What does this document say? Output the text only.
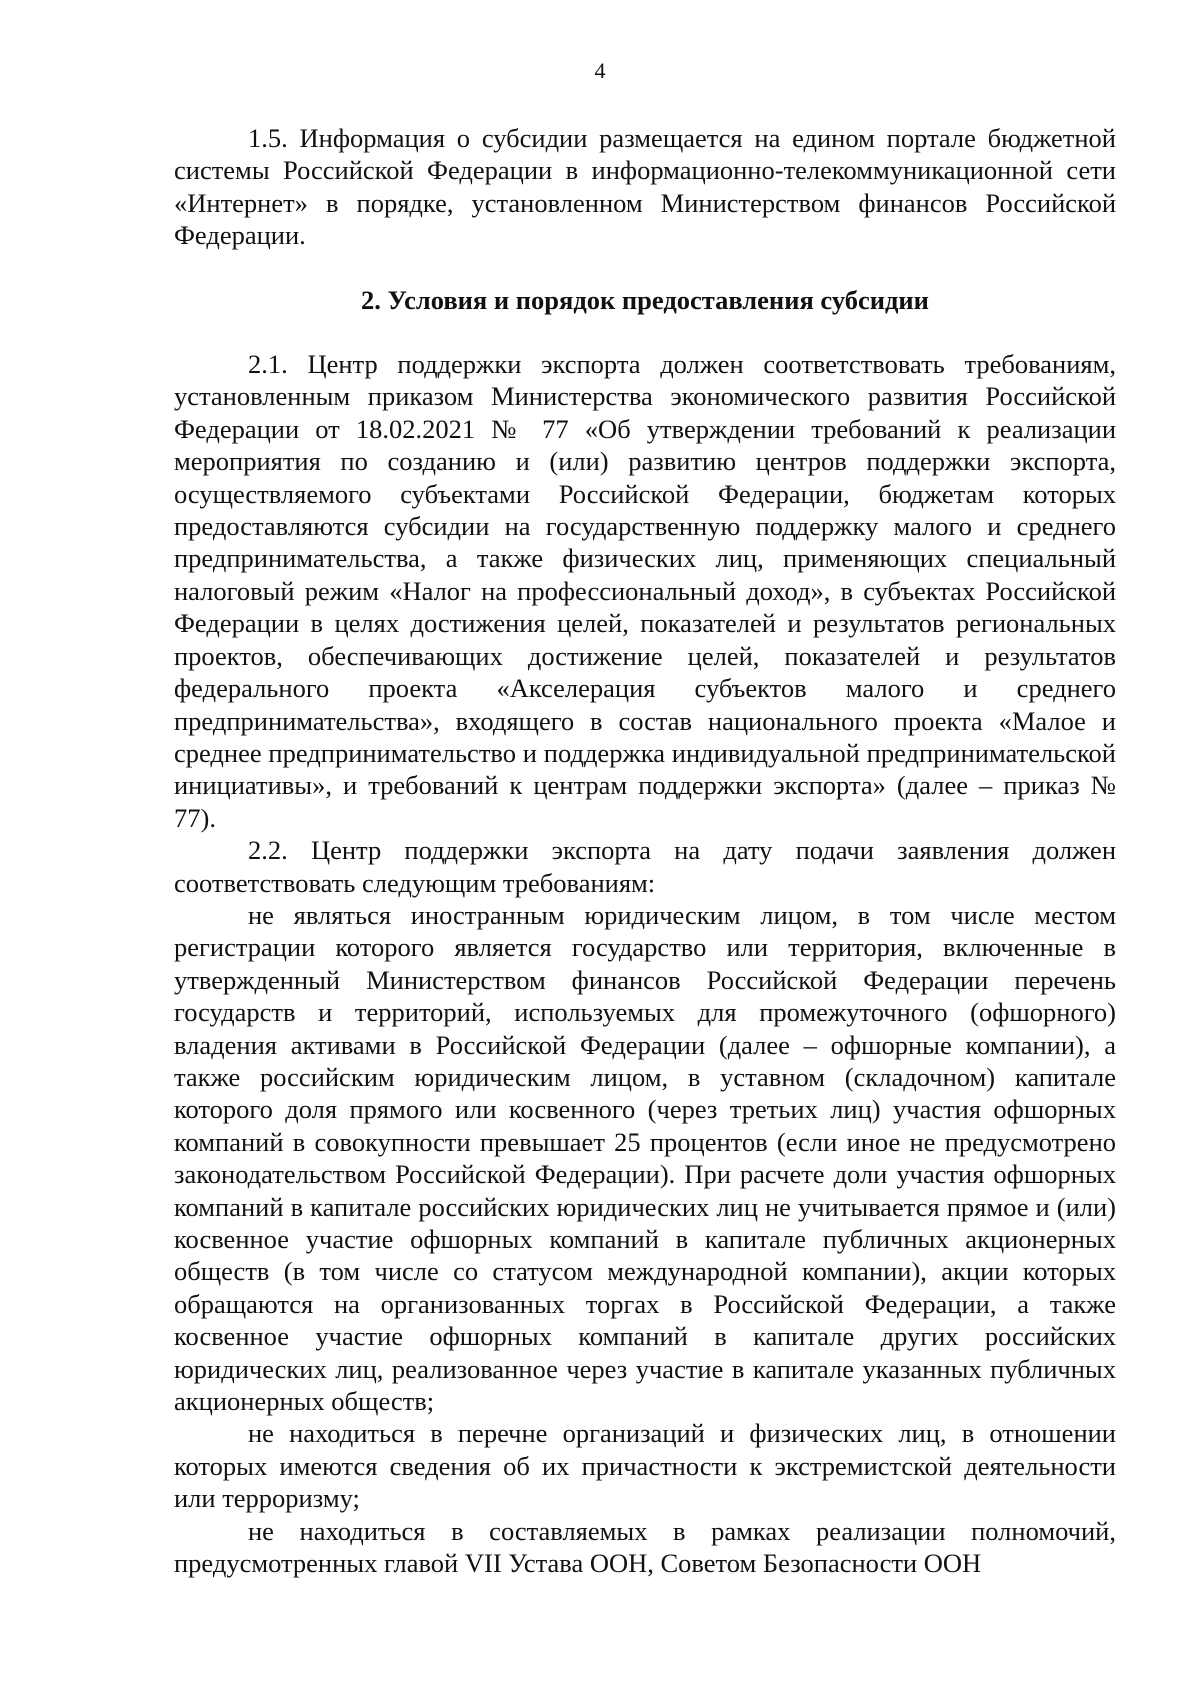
4

1.5. Информация о субсидии размещается на едином портале бюджетной системы Российской Федерации в информационно-телекоммуникационной сети «Интернет» в порядке, установленном Министерством финансов Российской Федерации.

2. Условия и порядок предоставления субсидии

2.1. Центр поддержки экспорта должен соответствовать требованиям, установленным приказом Министерства экономического развития Российской Федерации от 18.02.2021 № 77 «Об утверждении требований к реализации мероприятия по созданию и (или) развитию центров поддержки экспорта, осуществляемого субъектами Российской Федерации, бюджетам которых предоставляются субсидии на государственную поддержку малого и среднего предпринимательства, а также физических лиц, применяющих специальный налоговый режим «Налог на профессиональный доход», в субъектах Российской Федерации в целях достижения целей, показателей и результатов региональных проектов, обеспечивающих достижение целей, показателей и результатов федерального проекта «Акселерация субъектов малого и среднего предпринимательства», входящего в состав национального проекта «Малое и среднее предпринимательство и поддержка индивидуальной предпринимательской инициативы», и требований к центрам поддержки экспорта» (далее – приказ № 77).

2.2. Центр поддержки экспорта на дату подачи заявления должен соответствовать следующим требованиям:

не являться иностранным юридическим лицом, в том числе местом регистрации которого является государство или территория, включенные в утвержденный Министерством финансов Российской Федерации перечень государств и территорий, используемых для промежуточного (офшорного) владения активами в Российской Федерации (далее – офшорные компании), а также российским юридическим лицом, в уставном (складочном) капитале которого доля прямого или косвенного (через третьих лиц) участия офшорных компаний в совокупности превышает 25 процентов (если иное не предусмотрено законодательством Российской Федерации). При расчете доли участия офшорных компаний в капитале российских юридических лиц не учитывается прямое и (или) косвенное участие офшорных компаний в капитале публичных акционерных обществ (в том числе со статусом международной компании), акции которых обращаются на организованных торгах в Российской Федерации, а также косвенное участие офшорных компаний в капитале других российских юридических лиц, реализованное через участие в капитале указанных публичных акционерных обществ;

не находиться в перечне организаций и физических лиц, в отношении которых имеются сведения об их причастности к экстремистской деятельности или терроризму;

не находиться в составляемых в рамках реализации полномочий, предусмотренных главой VII Устава ООН, Советом Безопасности ООН
